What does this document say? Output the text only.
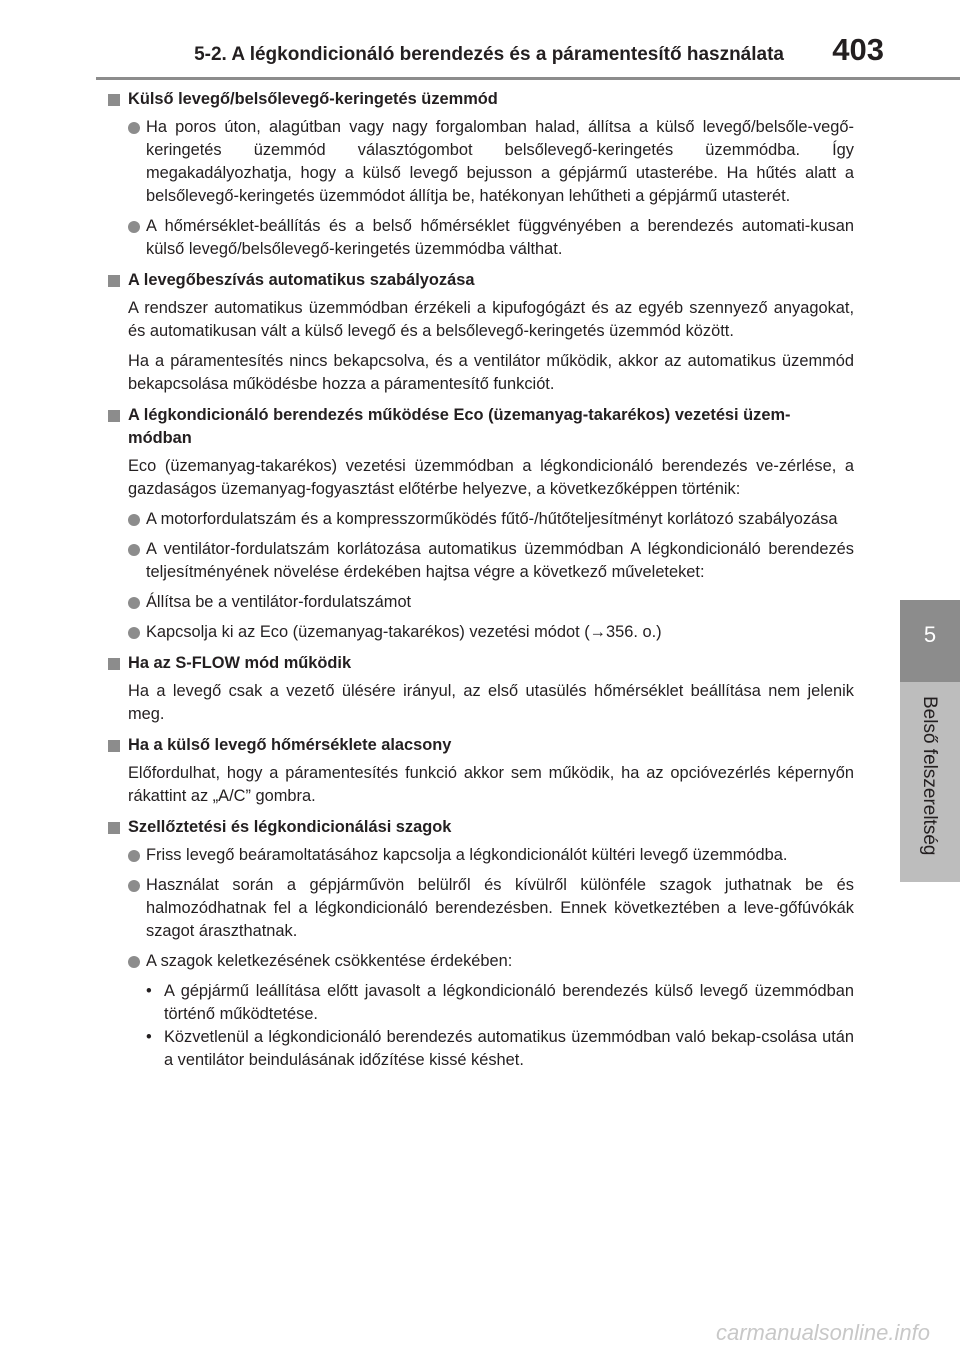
5-2. A légkondicionáló berendezés és a páramentesítő használata 403
5
Belső felszereltség
Külső levegő/belsőlevegő-keringetés üzemmód
Ha poros úton, alagútban vagy nagy forgalomban halad, állítsa a külső levegő/belsőle-vegő-keringetés üzemmód választógombot belsőlevegő-keringetés üzemmódba. Így megakadályozhatja, hogy a külső levegő bejusson a gépjármű utasterébe. Ha hűtés alatt a belsőlevegő-keringetés üzemmódot állítja be, hatékonyan lehűtheti a gépjármű utasterét.
A hőmérséklet-beállítás és a belső hőmérséklet függvényében a berendezés automati-kusan külső levegő/belsőlevegő-keringetés üzemmódba válthat.
A levegőbeszívás automatikus szabályozása
A rendszer automatikus üzemmódban érzékeli a kipufogógázt és az egyéb szennyező anyagokat, és automatikusan vált a külső levegő és a belsőlevegő-keringetés üzemmód között.
Ha a páramentesítés nincs bekapcsolva, és a ventilátor működik, akkor az automatikus üzemmód bekapcsolása működésbe hozza a páramentesítő funkciót.
A légkondicionáló berendezés működése Eco (üzemanyag-takarékos) vezetési üzem-módban
Eco (üzemanyag-takarékos) vezetési üzemmódban a légkondicionáló berendezés ve-zérlése, a gazdaságos üzemanyag-fogyasztást előtérbe helyezve, a következőképpen történik:
A motorfordulatszám és a kompresszorműködés fűtő-/hűtőteljesítményt korlátozó szabályozása
A ventilátor-fordulatszám korlátozása automatikus üzemmódban A légkondicionáló berendezés teljesítményének növelése érdekében hajtsa végre a következő műveleteket:
Állítsa be a ventilátor-fordulatszámot
Kapcsolja ki az Eco (üzemanyag-takarékos) vezetési módot (→356. o.)
Ha az S-FLOW mód működik
Ha a levegő csak a vezető ülésére irányul, az első utasülés hőmérséklet beállítása nem jelenik meg.
Ha a külső levegő hőmérséklete alacsony
Előfordulhat, hogy a páramentesítés funkció akkor sem működik, ha az opcióvezérlés képernyőn rákattint az „A/C” gombra.
Szellőztetési és légkondicionálási szagok
Friss levegő beáramoltatásához kapcsolja a légkondicionálót kültéri levegő üzemmódba.
Használat során a gépjárművön belülről és kívülről különféle szagok juthatnak be és halmozódhatnak fel a légkondicionáló berendezésben. Ennek következtében a leve-gőfúvókák szagot áraszthatnak.
A szagok keletkezésének csökkentése érdekében:
• A gépjármű leállítása előtt javasolt a légkondicionáló berendezés külső levegő üzemmódban történő működtetése.
• Közvetlenül a légkondicionáló berendezés automatikus üzemmódban való bekap-csolása után a ventilátor beindulásának időzítése kissé késhet.
carmanualsonline.info
